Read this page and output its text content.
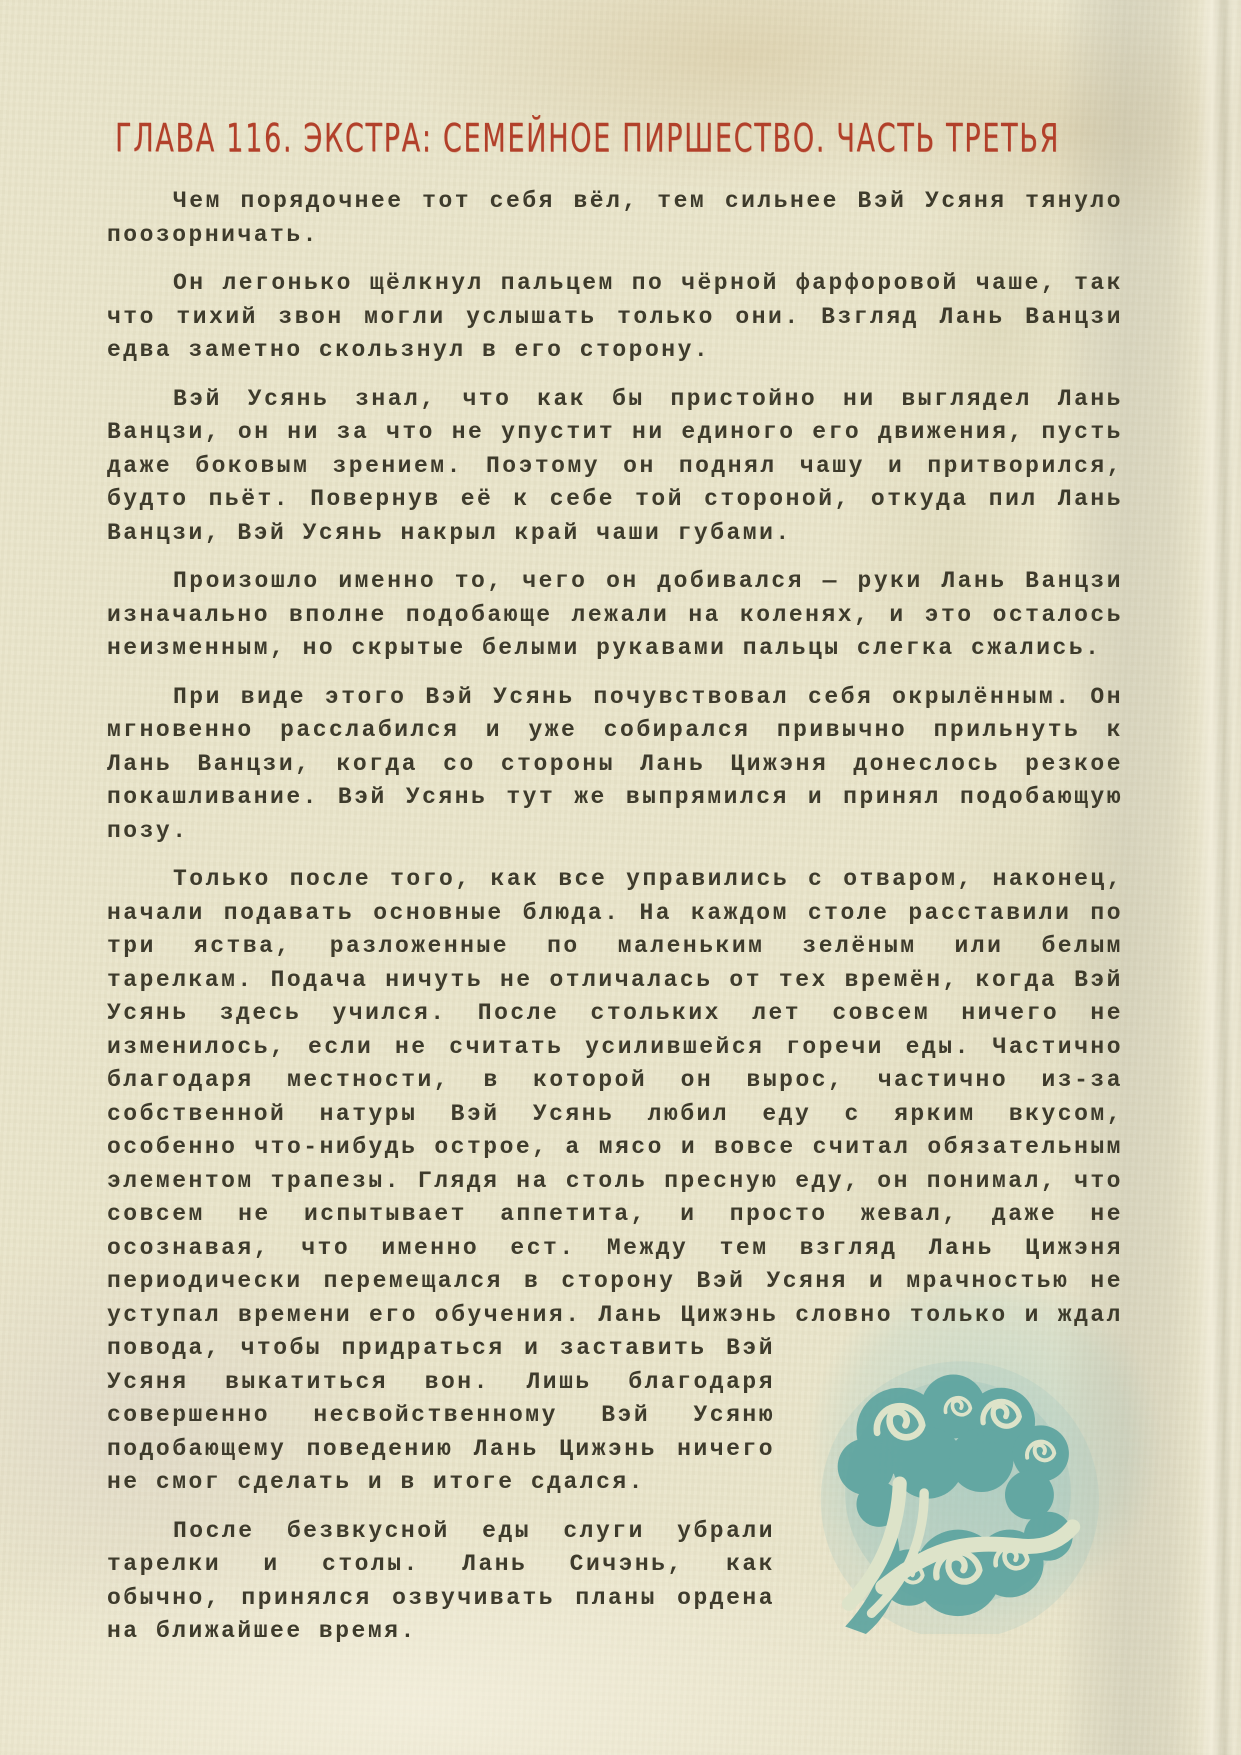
ГЛАВА 116. ЭКСТРА: СЕМЕЙНОЕ ПИРШЕСТВО. ЧАСТЬ ТРЕТЬЯ

Чем порядочнее тот себя вёл, тем сильнее Вэй Усяня тянуло поозорничать.

Он легонько щёлкнул пальцем по чёрной фарфоровой чаше, так что тихий звон могли услышать только они. Взгляд Лань Ванцзи едва заметно скользнул в его сторону.

Вэй Усянь знал, что как бы пристойно ни выглядел Лань Ванцзи, он ни за что не упустит ни единого его движения, пусть даже боковым зрением. Поэтому он поднял чашу и притворился, будто пьёт. Повернув её к себе той стороной, откуда пил Лань Ванцзи, Вэй Усянь накрыл край чаши губами.

Произошло именно то, чего он добивался — руки Лань Ванцзи изначально вполне подобающе лежали на коленях, и это осталось неизменным, но скрытые белыми рукавами пальцы слегка сжались.

При виде этого Вэй Усянь почувствовал себя окрылённым. Он мгновенно расслабился и уже собирался привычно прильнуть к Лань Ванцзи, когда со стороны Лань Цижэня донеслось резкое покашливание. Вэй Усянь тут же выпрямился и принял подобающую позу.

Только после того, как все управились с отваром, наконец, начали подавать основные блюда. На каждом столе расставили по три яства, разложенные по маленьким зелёным или белым тарелкам. Подача ничуть не отличалась от тех времён, когда Вэй Усянь здесь учился. После стольких лет совсем ничего не изменилось, если не считать усилившейся горечи еды. Частично благодаря местности, в которой он вырос, частично из-за собственной натуры Вэй Усянь любил еду с ярким вкусом, особенно что-нибудь острое, а мясо и вовсе считал обязательным элементом трапезы. Глядя на столь пресную еду, он понимал, что совсем не испытывает аппетита, и просто жевал, даже не осознавая, что именно ест. Между тем взгляд Лань Цижэня периодически перемещался в сторону Вэй Усяня и мрачностью не уступал времени его обучения. Лань Цижэнь словно только и ждал
повода, чтобы придраться и заставить Вэй Усяня выкатиться вон. Лишь благодаря совершенно несвойственному Вэй Усяню подобающему поведению Лань Цижэнь ничего не смог сделать и в итоге сдался.

После безвкусной еды слуги убрали тарелки и столы. Лань Сичэнь, как обычно, принялся озвучивать планы ордена на ближайшее время.
